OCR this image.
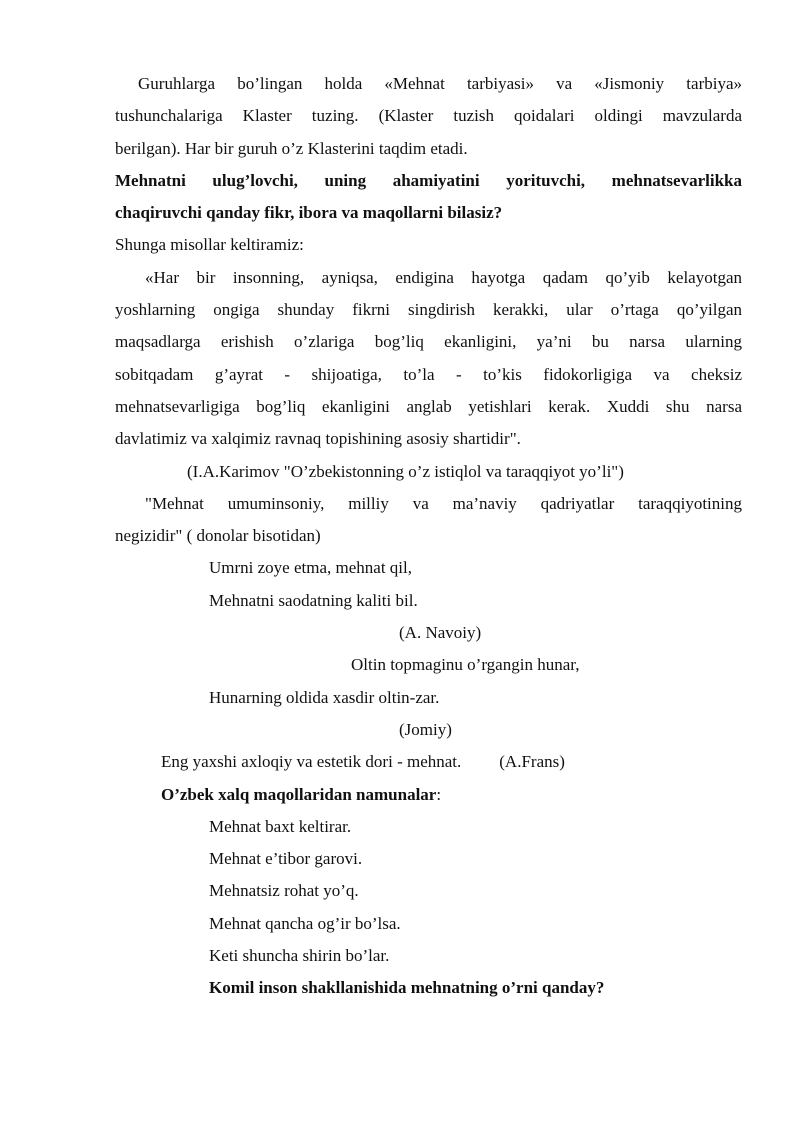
Guruhlarga bo’lingan holda «Mehnat tarbiyasi» va «Jismoniy tarbiya»
tushunchalariga Klaster tuzing. (Klaster tuzish qoidalari oldingi mavzularda
berilgan). Har bir guruh o’z Klasterini taqdim etadi.
Mehnatni ulug’lovchi, uning ahamiyatini yorituvchi, mehnatsevarlikka
chaqiruvchi qanday fikr, ibora va maqollarni bilasiz?
Shunga misollar keltiramiz:
«Har bir insonning, ayniqsa, endigina hayotga qadam qo’yib kelayotgan
yoshlarning ongiga shunday fikrni singdirish kerakki, ular o’rtaga qo’yilgan
maqsadlarga erishish o’zlariga bog’liq ekanligini, ya’ni bu narsa ularning
sobitqadam g’ayrat - shijoatiga, to’la - to’kis fidokorligiga va cheksiz
mehnatsevarligiga bog’liq ekanligini anglab yetishlari kerak. Xuddi shu narsa
davlatimiz va xalqimiz ravnaq topishining asosiy shartidir".
(I.A.Karimov "O’zbekistonning o’z istiqlol va taraqqiyot yo’li")
"Mehnat umuminsoniy, milliy va ma’naviy qadriyatlar taraqqiyotining
negizidir" ( donolar bisotidan)
Umrni zoye etma, mehnat qil,
Mehnatni saodatning kaliti bil.
(A. Navoiy)
Oltin topmaginu o’rgangin hunar,
Hunarning oldida xasdir oltin-zar.
(Jomiy)
Eng yaxshi axloqiy va estetik dori - mehnat. (A.Frans)
O’zbek xalq maqollaridan namunalar:
Mehnat baxt keltirar.
Mehnat e’tibor garovi.
Mehnatsiz rohat yo’q.
Mehnat qancha og’ir bo’lsa.
Keti shuncha shirin bo’lar.
Komil inson shakllanishida mehnatning o’rni qanday?
